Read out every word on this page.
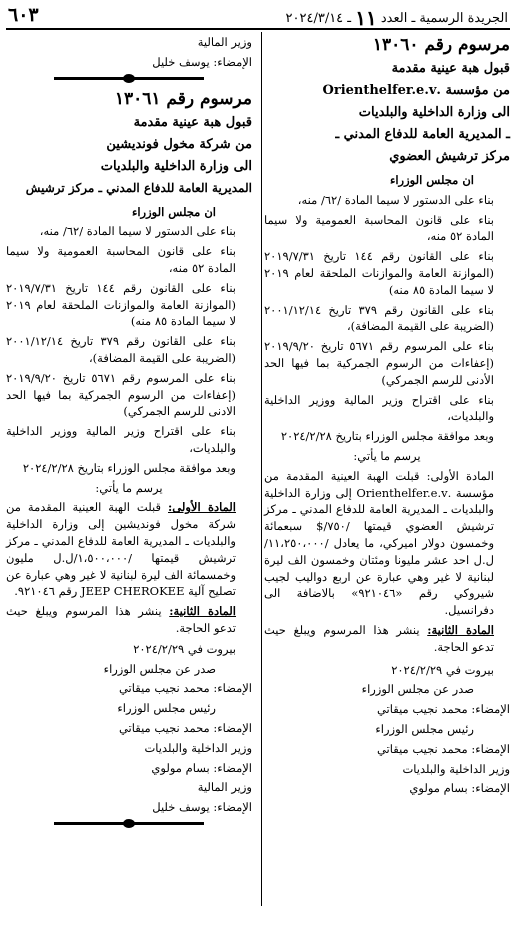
الجريدة الرسمية ـ العدد ١١ ـ ٢٠٢٤/٣/١٤
٦٠٣

مرسوم رقم ١٣٠٦٠

قبول هبة عينية مقدمة

من مؤسسة .Orienthelfer.e.v

الى وزارة الداخلية والبلديات

ـ المديرية العامة للدفاع المدني ـ

مركز ترشيش العضوي

ان مجلس الوزراء

بناء على الدستور لا سيما المادة /٦٢/ منه،

بناء على قانون المحاسبة العمومية ولا سيما المادة ٥٢ منه،

بناء على القانون رقم ١٤٤ تاريخ ٢٠١٩/٧/٣١ (الموازنة العامة والموازنات الملحقة لعام ٢٠١٩ لا سيما المادة ٨٥ منه)

بناء على القانون رقم ٣٧٩ تاريخ ٢٠٠١/١٢/١٤ (الضريبة على القيمة المضافة)،

بناء على المرسوم رقم ٥٦٧١ تاريخ ٢٠١٩/٩/٢٠ (إعفاءات من الرسوم الجمركية بما فيها الحد الأدنى للرسم الجمركي)

بناء على اقتراح وزير المالية ووزير الداخلية والبلديات،

وبعد موافقة مجلس الوزراء بتاريخ ٢٠٢٤/٢/٢٨

يرسم ما يأتي:

المادة الأولى: قبلت الهبة العينية المقدمة من مؤسسة .Orienthelfer.e.v إلى وزارة الداخلية والبلديات ـ المديرية العامة للدفاع المدني ـ مركز ترشيش العضوي قيمتها /٧٥٠/$ سبعمائة وخمسون دولار اميركي، ما يعادل /١١،٢٥٠،٠٠٠/ل.ل احد عشر مليونا ومئتان وخمسون الف ليرة لبنانية لا غير وهي عبارة عن اربع دواليب لجيب شيروكي رقم «٩٢١٠٤٦» بالاضافة الى دفرانسيل.

المادة الثانية: ينشر هذا المرسوم ويبلغ حيث تدعو الحاجة.

بيروت في ٢٠٢٤/٢/٢٩

صدر عن مجلس الوزراء

الإمضاء: محمد نجيب ميقاتي

رئيس مجلس الوزراء

الإمضاء: محمد نجيب ميقاتي

وزير الداخلية والبلديات

الإمضاء: بسام مولوي

وزير المالية

الإمضاء: يوسف خليل

مرسوم رقم ١٣٠٦١

قبول هبة عينية مقدمة

من شركة مخول فونديشين

الى وزارة الداخلية والبلديات

المديرية العامة للدفاع المدني ـ مركز ترشيش

ان مجلس الوزراء

بناء على الدستور لا سيما المادة /٦٢/ منه،

بناء على قانون المحاسبة العمومية ولا سيما المادة ٥٢ منه،

بناء على القانون رقم ١٤٤ تاريخ ٢٠١٩/٧/٣١ (الموازنة العامة والموازنات الملحقة لعام ٢٠١٩ لا سيما المادة ٨٥ منه)

بناء على القانون رقم ٣٧٩ تاريخ ٢٠٠١/١٢/١٤ (الضريبة على القيمة المضافة)،

بناء على المرسوم رقم ٥٦٧١ تاريخ ٢٠١٩/٩/٢٠ (إعفاءات من الرسوم الجمركية بما فيها الحد الادنى للرسم الجمركي)

بناء على اقتراح وزير المالية ووزير الداخلية والبلديات،

وبعد موافقة مجلس الوزراء بتاريخ ٢٠٢٤/٢/٢٨

يرسم ما يأتي:

المادة الأولى: قبلت الهبة العينية المقدمة من شركة مخول فونديشين إلى وزارة الداخلية والبلديات ـ المديرية العامة للدفاع المدني ـ مركز ترشيش قيمتها /١،٥٠٠،٠٠٠/ل.ل مليون وخمسمائة الف ليرة لبنانية لا غير وهي عبارة عن تصليح آلية JEEP CHEROKEE رقم ٩٢١٠٤٦.

المادة الثانية: ينشر هذا المرسوم ويبلغ حيث تدعو الحاجة.

بيروت في ٢٠٢٤/٢/٢٩

صدر عن مجلس الوزراء

الإمضاء: محمد نجيب ميقاتي

رئيس مجلس الوزراء

الإمضاء: محمد نجيب ميقاتي

وزير الداخلية والبلديات

الإمضاء: بسام مولوي

وزير المالية

الإمضاء: يوسف خليل
